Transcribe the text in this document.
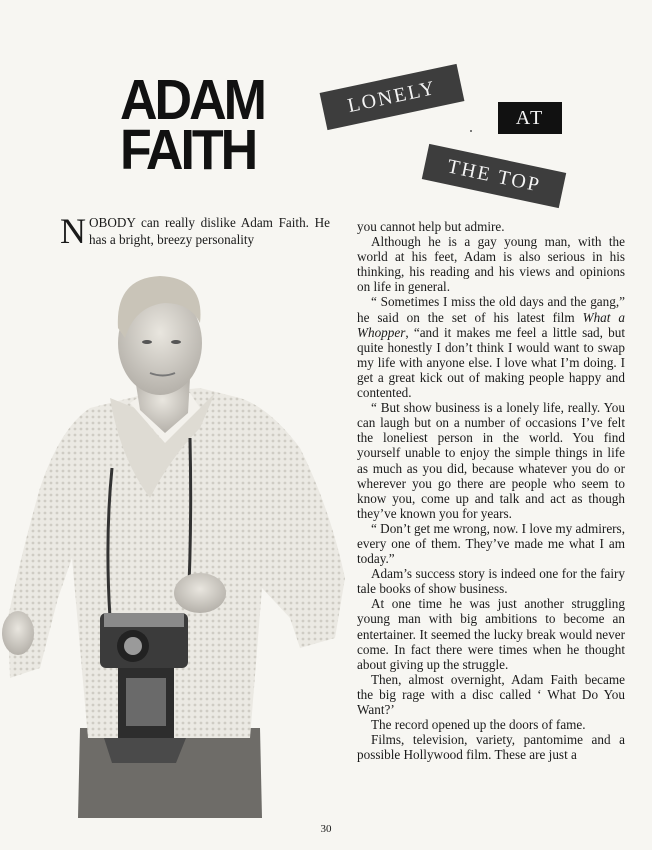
ADAM
FAITH
LONELY
AT
THE TOP
NOBODY can really dislike Adam Faith. He has a bright, breezy personality

you cannot help but admire.

Although he is a gay young man, with the world at his feet, Adam is also serious in his thinking, his reading and his views and opinions on life in general.

“ Sometimes I miss the old days and the gang,” he said on the set of his latest film What a Whopper, “and it makes me feel a little sad, but quite honestly I don’t think I would want to swap my life with anyone else. I love what I’m doing. I get a great kick out of making people happy and contented.

“ But show business is a lonely life, really. You can laugh but on a number of occasions I’ve felt the loneliest person in the world. You find yourself unable to enjoy the simple things in life as much as you did, because whatever you do or wherever you go there are people who seem to know you, come up and talk and act as though they’ve known you for years.

“ Don’t get me wrong, now. I love my admirers, every one of them. They’ve made me what I am today.”

Adam’s success story is indeed one for the fairy tale books of show business.

At one time he was just another struggling young man with big ambitions to become an entertainer. It seemed the lucky break would never come. In fact there were times when he thought about giving up the struggle.

Then, almost overnight, Adam Faith became the big rage with a disc called ‘ What Do You Want?’

The record opened up the doors of fame.

Films, television, variety, pantomime and a possible Hollywood film. These are just a

30
